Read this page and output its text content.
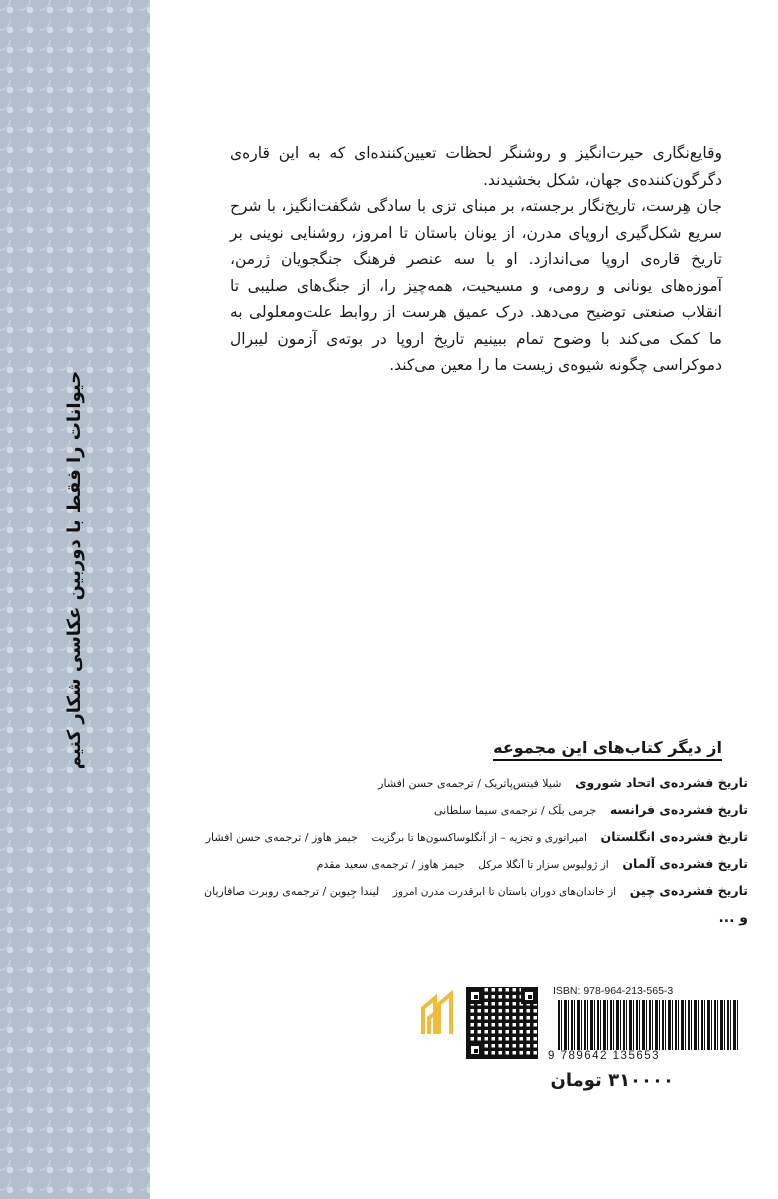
حیوانات را فقط با دوربین عکاسی شکار کنیم

وقایع‌نگاری حیرت‌انگیز و روشنگر لحظات تعیین‌کننده‌ای که به این قاره‌ی دگرگون‌کننده‌ی جهان، شکل بخشیدند.

جان هِرست، تاریخ‌نگار برجسته، بر مبنای تزی با سادگی شگفت‌انگیز، با شرح سریع شکل‌گیری اروپای مدرن، از یونان باستان تا امروز، روشنایی نوینی بر تاریخ قاره‌ی اروپا می‌اندازد. او با سه عنصر فرهنگ جنگجویان ژرمن، آموزه‌های یونانی و رومی، و مسیحیت، همه‌چیز را، از جنگ‌های صلیبی تا انقلاب صنعتی توضیح می‌دهد. درک عمیق هرست از روابط علت‌ومعلولی به ما کمک می‌کند با وضوح تمام ببینیم تاریخ اروپا در بوته‌ی آزمون لیبرال دموکراسی چگونه شیوه‌ی زیست ما را معین می‌کند.

از دیگر کتاب‌های این مجموعه
تاریخ فشرده‌ی اتحاد شوروی شیلا فیتس‌پاتریک / ترجمه‌ی حسن افشار
تاریخ فشرده‌ی فرانسه جرمی بلَک / ترجمه‌ی سیما سلطانی
تاریخ فشرده‌ی انگلستان امپراتوری و تجزیه – از آنگلوساکسون‌ها تا برگزیت جیمز هاوز / ترجمه‌ی حسن افشار
تاریخ فشرده‌ی آلمان از ژولیوس سزار تا آنگلا مرکل جیمز هاوز / ترجمه‌ی سعید مقدم
تاریخ فشرده‌ی چین از خاندان‌های دوران باستان تا ابرقدرت مدرن امروز لیندا جِیوین / ترجمه‌ی روبرت صافاریان
و ...
ISBN: 978-964-213-565-3
9 789642 135653
۳۱۰۰۰۰ تومان
